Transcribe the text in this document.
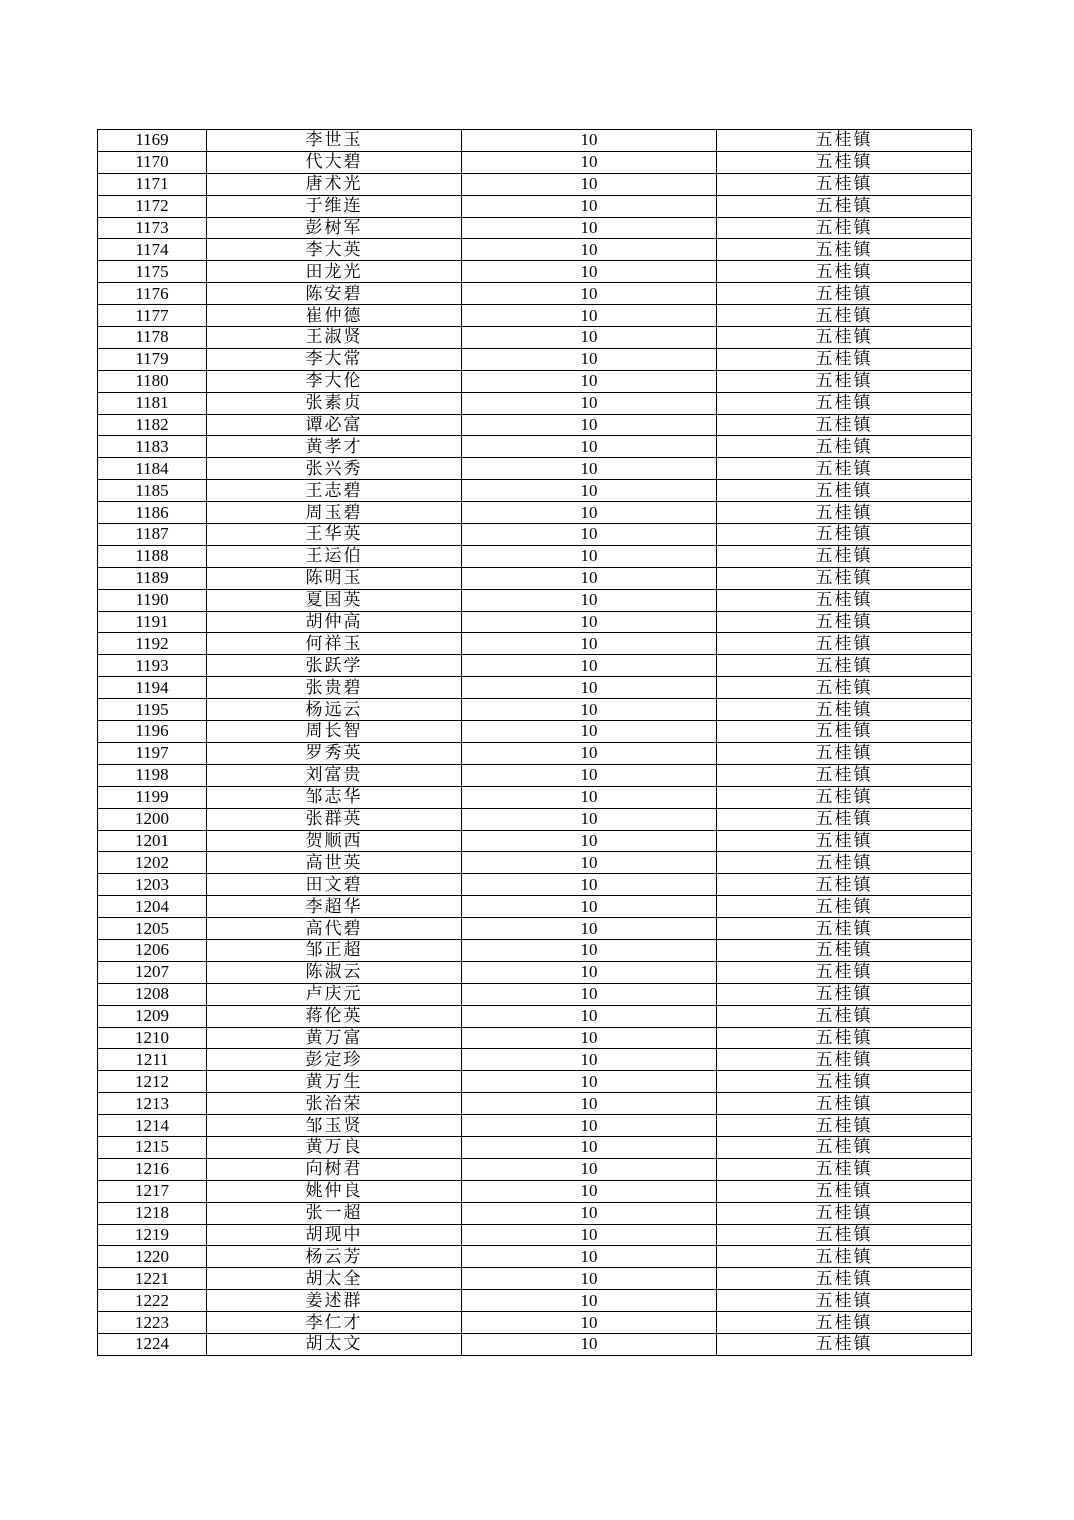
1169	李世玉	10	五桂镇
1170	代大碧	10	五桂镇
1171	唐术光	10	五桂镇
1172	于维连	10	五桂镇
1173	彭树军	10	五桂镇
1174	李大英	10	五桂镇
1175	田龙光	10	五桂镇
1176	陈安碧	10	五桂镇
1177	崔仲德	10	五桂镇
1178	王淑贤	10	五桂镇
1179	李大常	10	五桂镇
1180	李大伦	10	五桂镇
1181	张素贞	10	五桂镇
1182	谭必富	10	五桂镇
1183	黄孝才	10	五桂镇
1184	张兴秀	10	五桂镇
1185	王志碧	10	五桂镇
1186	周玉碧	10	五桂镇
1187	王华英	10	五桂镇
1188	王运伯	10	五桂镇
1189	陈明玉	10	五桂镇
1190	夏国英	10	五桂镇
1191	胡仲高	10	五桂镇
1192	何祥玉	10	五桂镇
1193	张跃学	10	五桂镇
1194	张贵碧	10	五桂镇
1195	杨远云	10	五桂镇
1196	周长智	10	五桂镇
1197	罗秀英	10	五桂镇
1198	刘富贵	10	五桂镇
1199	邹志华	10	五桂镇
1200	张群英	10	五桂镇
1201	贺顺西	10	五桂镇
1202	高世英	10	五桂镇
1203	田文碧	10	五桂镇
1204	李超华	10	五桂镇
1205	高代碧	10	五桂镇
1206	邹正超	10	五桂镇
1207	陈淑云	10	五桂镇
1208	卢庆元	10	五桂镇
1209	蒋伦英	10	五桂镇
1210	黄万富	10	五桂镇
1211	彭定珍	10	五桂镇
1212	黄万生	10	五桂镇
1213	张治荣	10	五桂镇
1214	邹玉贤	10	五桂镇
1215	黄万良	10	五桂镇
1216	向树君	10	五桂镇
1217	姚仲良	10	五桂镇
1218	张一超	10	五桂镇
1219	胡现中	10	五桂镇
1220	杨云芳	10	五桂镇
1221	胡太全	10	五桂镇
1222	姜述群	10	五桂镇
1223	李仁才	10	五桂镇
1224	胡太文	10	五桂镇
